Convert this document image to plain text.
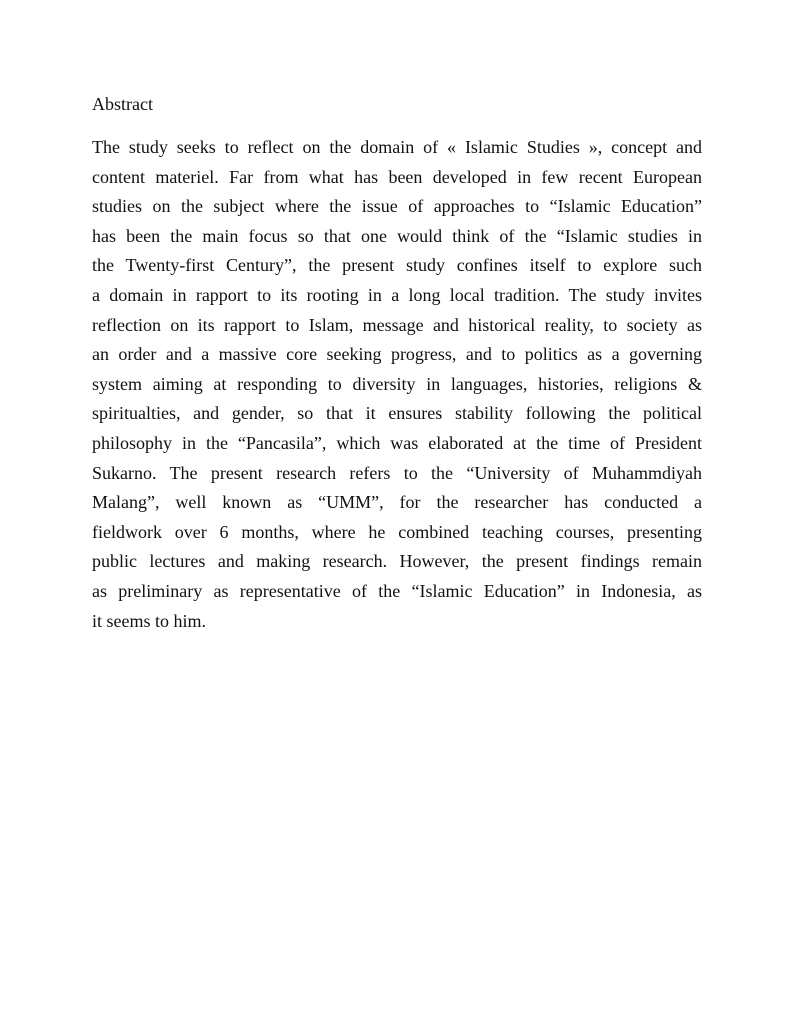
Abstract
The study seeks to reflect on the domain of « Islamic Studies », concept and
content materiel. Far from what has been developed in few recent European
studies on the subject where the issue of approaches to “Islamic Education”
has been the main focus so that one would think of the “Islamic studies in
the Twenty-first Century”, the present study confines itself to explore such
a domain in rapport to its rooting in a long local tradition. The study invites
reflection on its rapport to Islam, message and historical reality, to society as
an order and a massive core seeking progress, and to politics as a governing
system aiming at responding to diversity in languages, histories, religions &
spiritualties, and gender, so that it ensures stability following the political
philosophy in the “Pancasila”, which was elaborated at the time of President
Sukarno. The present research refers to the “University of Muhammdiyah
Malang”, well known as “UMM”, for the researcher has conducted a
fieldwork over 6 months, where he combined teaching courses, presenting
public lectures and making research. However, the present findings remain
as preliminary as representative of the “Islamic Education” in Indonesia, as
it seems to him.
